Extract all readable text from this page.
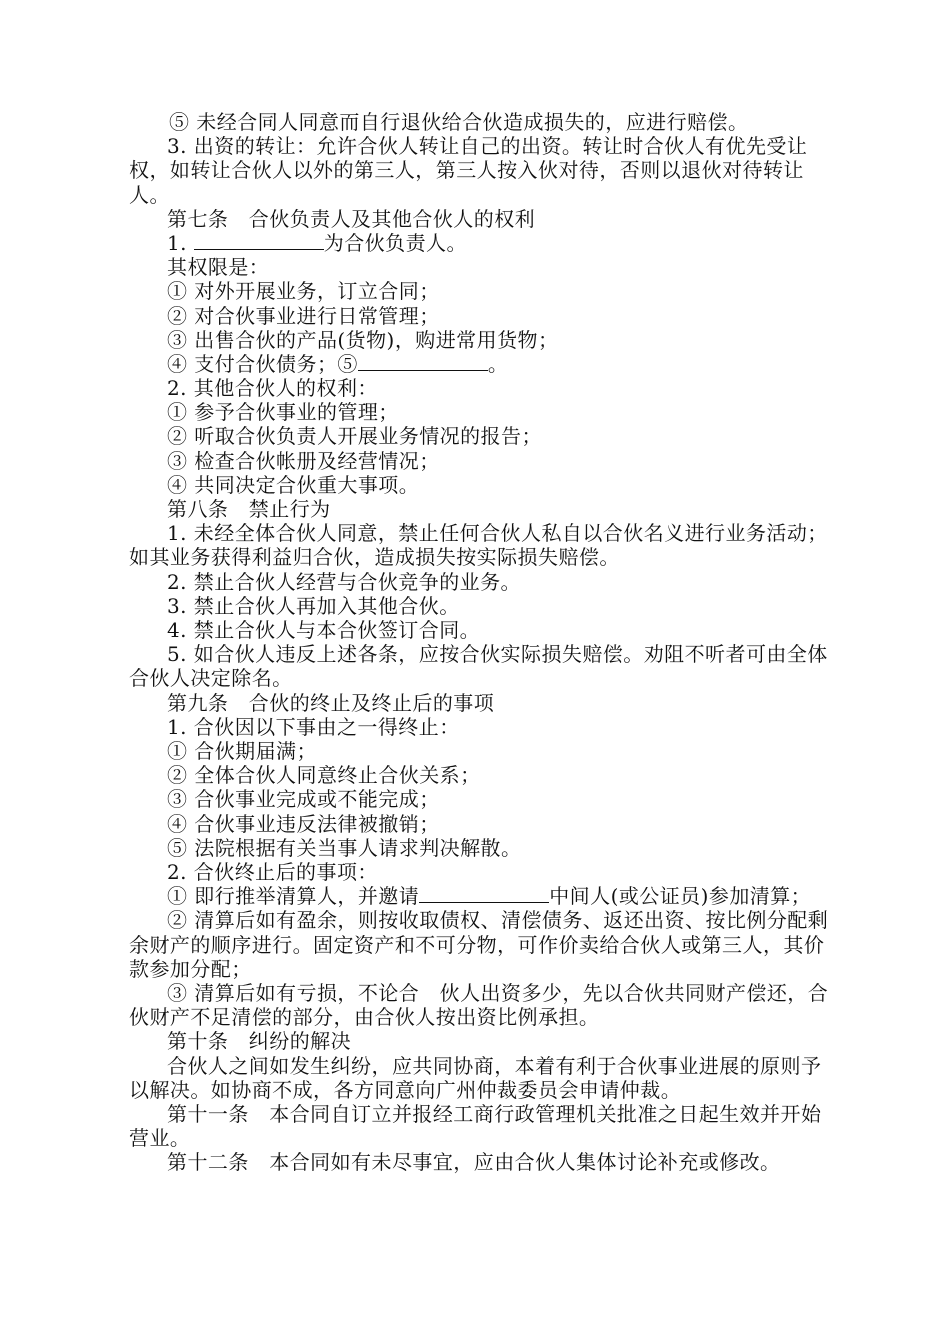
⑤ 未经合同人同意而自行退伙给合伙造成损失的，应进行赔偿。
3. 出资的转让：允许合伙人转让自己的出资。转让时合伙人有优先受让权，如转让合伙人以外的第三人，第三人按入伙对待，否则以退伙对待转让人。
第七条　合伙负责人及其他合伙人的权利
1.	为合伙负责人。
其权限是：
① 对外开展业务，订立合同；
② 对合伙事业进行日常管理；
③ 出售合伙的产品(货物)，购进常用货物；
④ 支付合伙债务；⑤	。
2. 其他合伙人的权利：
① 参予合伙事业的管理；
② 听取合伙负责人开展业务情况的报告；
③ 检查合伙帐册及经营情况；
④ 共同决定合伙重大事项。
第八条　禁止行为
1. 未经全体合伙人同意，禁止任何合伙人私自以合伙名义进行业务活动；如其业务获得利益归合伙，造成损失按实际损失赔偿。
2. 禁止合伙人经营与合伙竞争的业务。
3. 禁止合伙人再加入其他合伙。
4. 禁止合伙人与本合伙签订合同。
5. 如合伙人违反上述各条，应按合伙实际损失赔偿。劝阻不听者可由全体合伙人决定除名。
第九条　合伙的终止及终止后的事项
1. 合伙因以下事由之一得终止：
① 合伙期届满；
② 全体合伙人同意终止合伙关系；
③ 合伙事业完成或不能完成；
④ 合伙事业违反法律被撤销；
⑤ 法院根据有关当事人请求判决解散。
2. 合伙终止后的事项：
① 即行推举清算人，并邀请	中间人(或公证员)参加清算；
② 清算后如有盈余，则按收取债权、清偿债务、返还出资、按比例分配剩余财产的顺序进行。固定资产和不可分物，可作价卖给合伙人或第三人，其价款参加分配；
③ 清算后如有亏损，不论合　伙人出资多少，先以合伙共同财产偿还，合伙财产不足清偿的部分，由合伙人按出资比例承担。
第十条　纠纷的解决
合伙人之间如发生纠纷，应共同协商，本着有利于合伙事业进展的原则予以解决。如协商不成，各方同意向广州仲裁委员会申请仲裁。
第十一条　本合同自订立并报经工商行政管理机关批准之日起生效并开始营业。
第十二条　本合同如有未尽事宜，应由合伙人集体讨论补充或修改。
